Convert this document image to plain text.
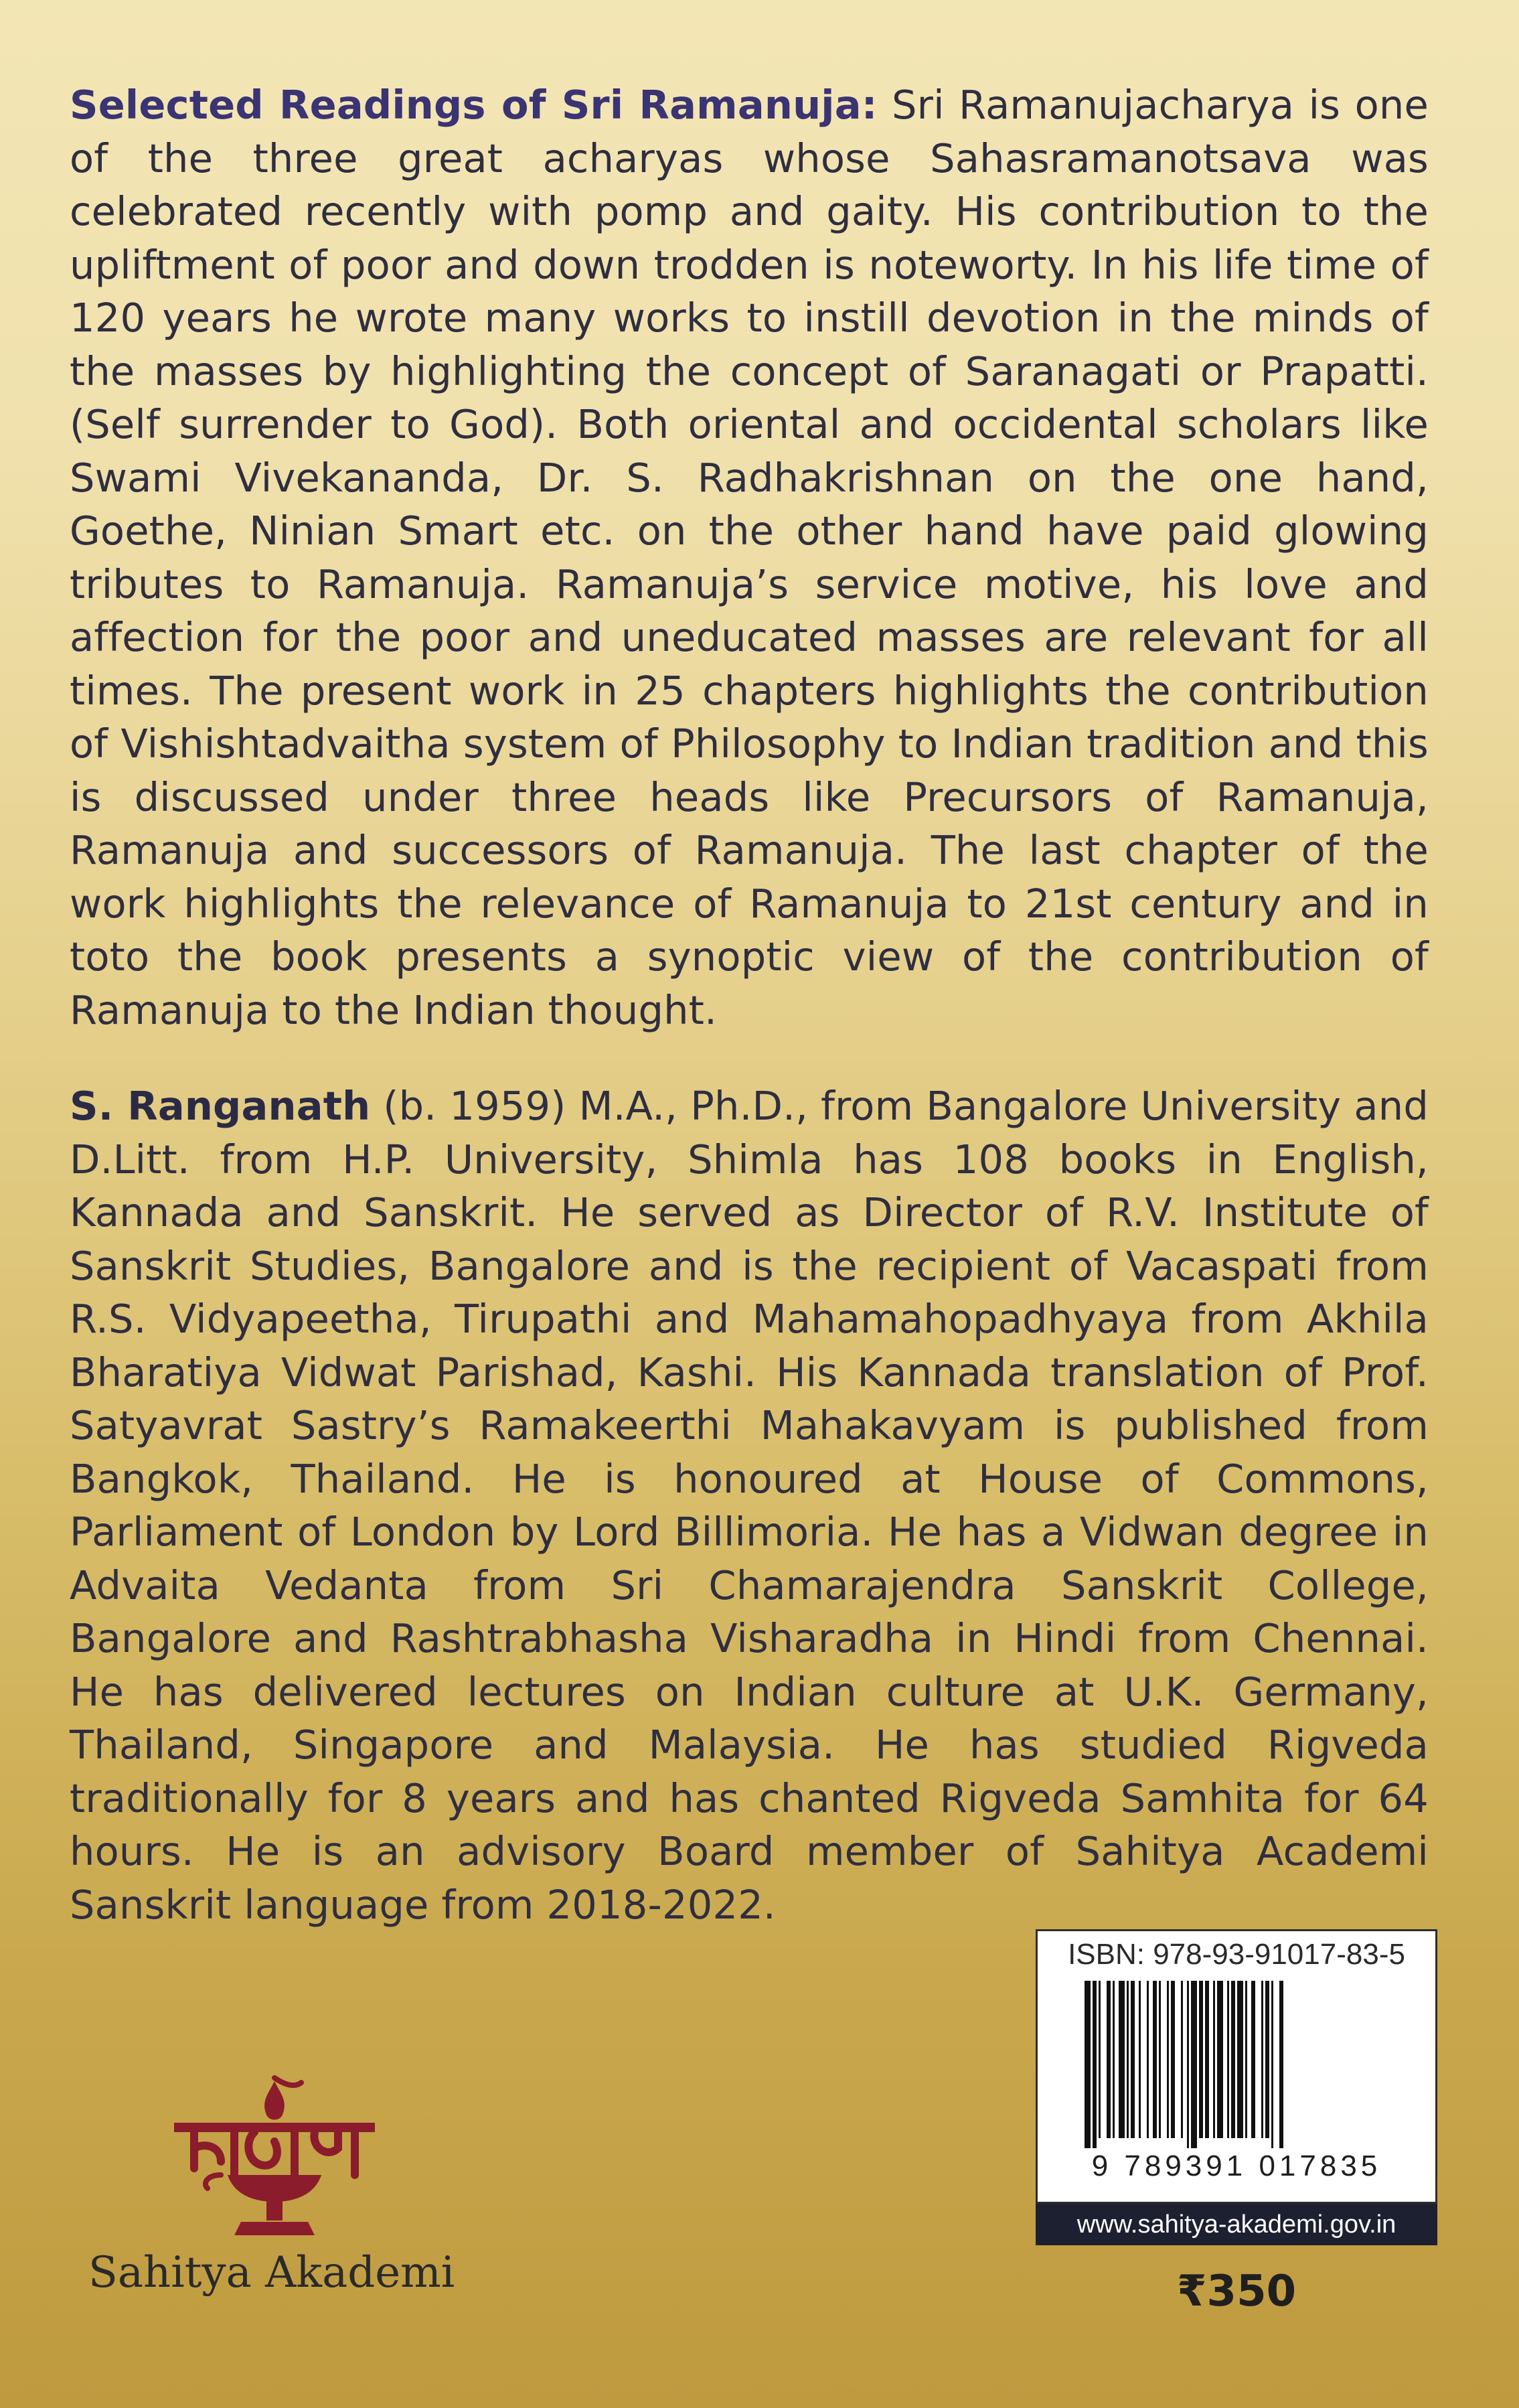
Selected Readings of Sri Ramanuja: Sri Ramanujacharya is one of the three great acharyas whose Sahasramanotsava was celebrated recently with pomp and gaity. His contribution to the upliftment of poor and down trodden is noteworty. In his life time of 120 years he wrote many works to instill devotion in the minds of the masses by highlighting the concept of Saranagati or Prapatti. (Self surrender to God). Both oriental and occidental scholars like Swami Vivekananda, Dr. S. Radhakrishnan on the one hand, Goethe, Ninian Smart etc. on the other hand have paid glowing tributes to Ramanuja. Ramanuja’s service motive, his love and affection for the poor and uneducated masses are relevant for all times. The present work in 25 chapters highlights the contribution of Vishishtadvaitha system of Philosophy to Indian tradition and this is discussed under three heads like Precursors of Ramanuja, Ramanuja and successors of Ramanuja. The last chapter of the work highlights the relevance of Ramanuja to 21st century and in toto the book presents a synoptic view of the contribution of Ramanuja to the Indian thought.

S. Ranganath (b. 1959) M.A., Ph.D., from Bangalore University and D.Litt. from H.P. University, Shimla has 108 books in English, Kannada and Sanskrit. He served as Director of R.V. Institute of Sanskrit Studies, Bangalore and is the recipient of Vacaspati from R.S. Vidyapeetha, Tirupathi and Mahamahopadhyaya from Akhila Bharatiya Vidwat Parishad, Kashi. His Kannada translation of Prof. Satyavrat Sastry’s Ramakeerthi Mahakavyam is published from Bangkok, Thailand. He is honoured at House of Commons, Parliament of London by Lord Billimoria. He has a Vidwan degree in Advaita Vedanta from Sri Chamarajendra Sanskrit College, Bangalore and Rashtrabhasha Visharadha in Hindi from Chennai. He has delivered lectures on Indian culture at U.K. Germany, Thailand, Singapore and Malaysia. He has studied Rigveda traditionally for 8 years and has chanted Rigveda Samhita for 64 hours. He is an advisory Board member of Sahitya Academi Sanskrit language from 2018-2022.

Sahitya Akademi
ISBN: 978-93-91017-83-5
9 789391 017835
www.sahitya-akademi.gov.in
₹350
